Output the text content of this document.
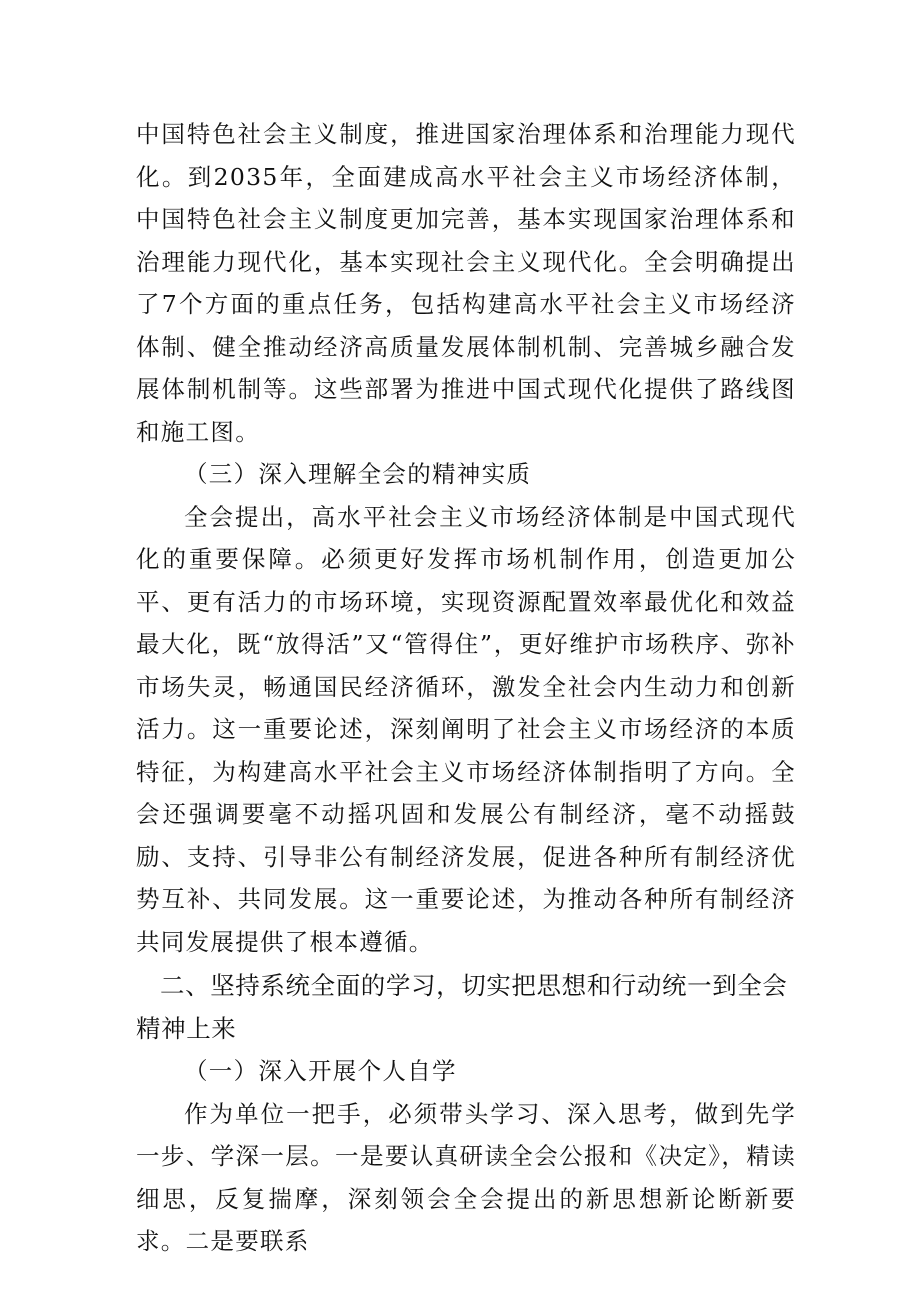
中国特色社会主义制度，推进国家治理体系和治理能力现代化。到2035年，全面建成高水平社会主义市场经济体制，中国特色社会主义制度更加完善，基本实现国家治理体系和治理能力现代化，基本实现社会主义现代化。全会明确提出了7个方面的重点任务，包括构建高水平社会主义市场经济体制、健全推动经济高质量发展体制机制、完善城乡融合发展体制机制等。这些部署为推进中国式现代化提供了路线图和施工图。

（三）深入理解全会的精神实质

全会提出，高水平社会主义市场经济体制是中国式现代化的重要保障。必须更好发挥市场机制作用，创造更加公平、更有活力的市场环境，实现资源配置效率最优化和效益最大化，既“放得活”又“管得住”，更好维护市场秩序、弥补市场失灵，畅通国民经济循环，激发全社会内生动力和创新活力。这一重要论述，深刻阐明了社会主义市场经济的本质特征，为构建高水平社会主义市场经济体制指明了方向。全会还强调要毫不动摇巩固和发展公有制经济，毫不动摇鼓励、支持、引导非公有制经济发展，促进各种所有制经济优势互补、共同发展。这一重要论述，为推动各种所有制经济共同发展提供了根本遵循。

二、坚持系统全面的学习，切实把思想和行动统一到全会精神上来

（一）深入开展个人自学

作为单位一把手，必须带头学习、深入思考，做到先学一步、学深一层。一是要认真研读全会公报和《决定》，精读细思，反复揣摩，深刻领会全会提出的新思想新论断新要求。二是要联系
